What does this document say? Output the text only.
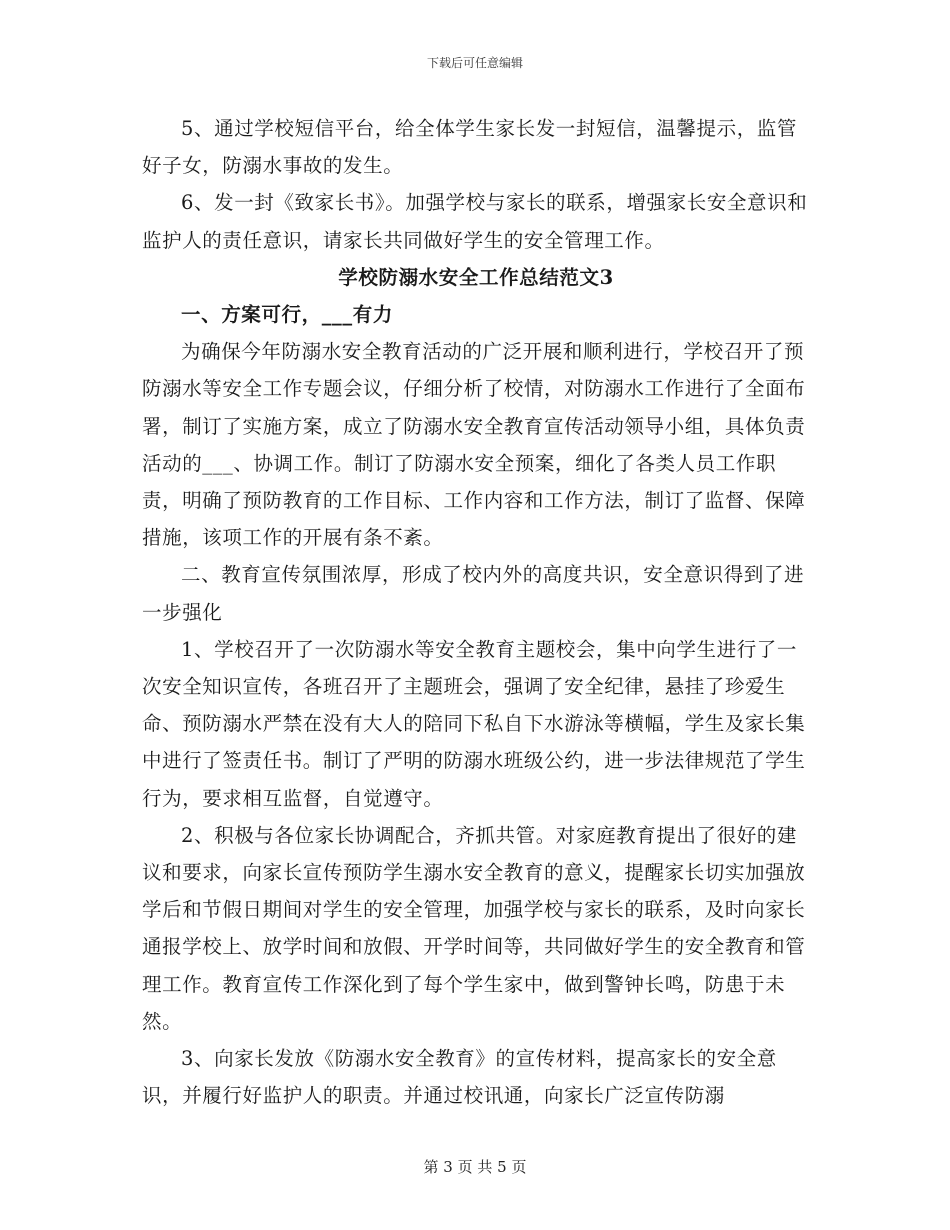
下载后可任意编辑

5、通过学校短信平台，给全体学生家长发一封短信，温馨提示，监管好子女，防溺水事故的发生。

6、发一封《致家长书》。加强学校与家长的联系，增强家长安全意识和监护人的责任意识，请家长共同做好学生的安全管理工作。

学校防溺水安全工作总结范文3

一、方案可行，___有力

为确保今年防溺水安全教育活动的广泛开展和顺利进行，学校召开了预防溺水等安全工作专题会议，仔细分析了校情，对防溺水工作进行了全面布署，制订了实施方案，成立了防溺水安全教育宣传活动领导小组，具体负责活动的___、协调工作。制订了防溺水安全预案，细化了各类人员工作职责，明确了预防教育的工作目标、工作内容和工作方法，制订了监督、保障措施，该项工作的开展有条不紊。

二、教育宣传氛围浓厚，形成了校内外的高度共识，安全意识得到了进一步强化

1、学校召开了一次防溺水等安全教育主题校会，集中向学生进行了一次安全知识宣传，各班召开了主题班会，强调了安全纪律，悬挂了珍爱生命、预防溺水严禁在没有大人的陪同下私自下水游泳等横幅，学生及家长集中进行了签责任书。制订了严明的防溺水班级公约，进一步法律规范了学生行为，要求相互监督，自觉遵守。

2、积极与各位家长协调配合，齐抓共管。对家庭教育提出了很好的建议和要求，向家长宣传预防学生溺水安全教育的意义，提醒家长切实加强放学后和节假日期间对学生的安全管理，加强学校与家长的联系，及时向家长通报学校上、放学时间和放假、开学时间等，共同做好学生的安全教育和管理工作。教育宣传工作深化到了每个学生家中，做到警钟长鸣，防患于未然。

3、向家长发放《防溺水安全教育》的宣传材料，提高家长的安全意识，并履行好监护人的职责。并通过校讯通，向家长广泛宣传防溺

第 3 页 共 5 页
